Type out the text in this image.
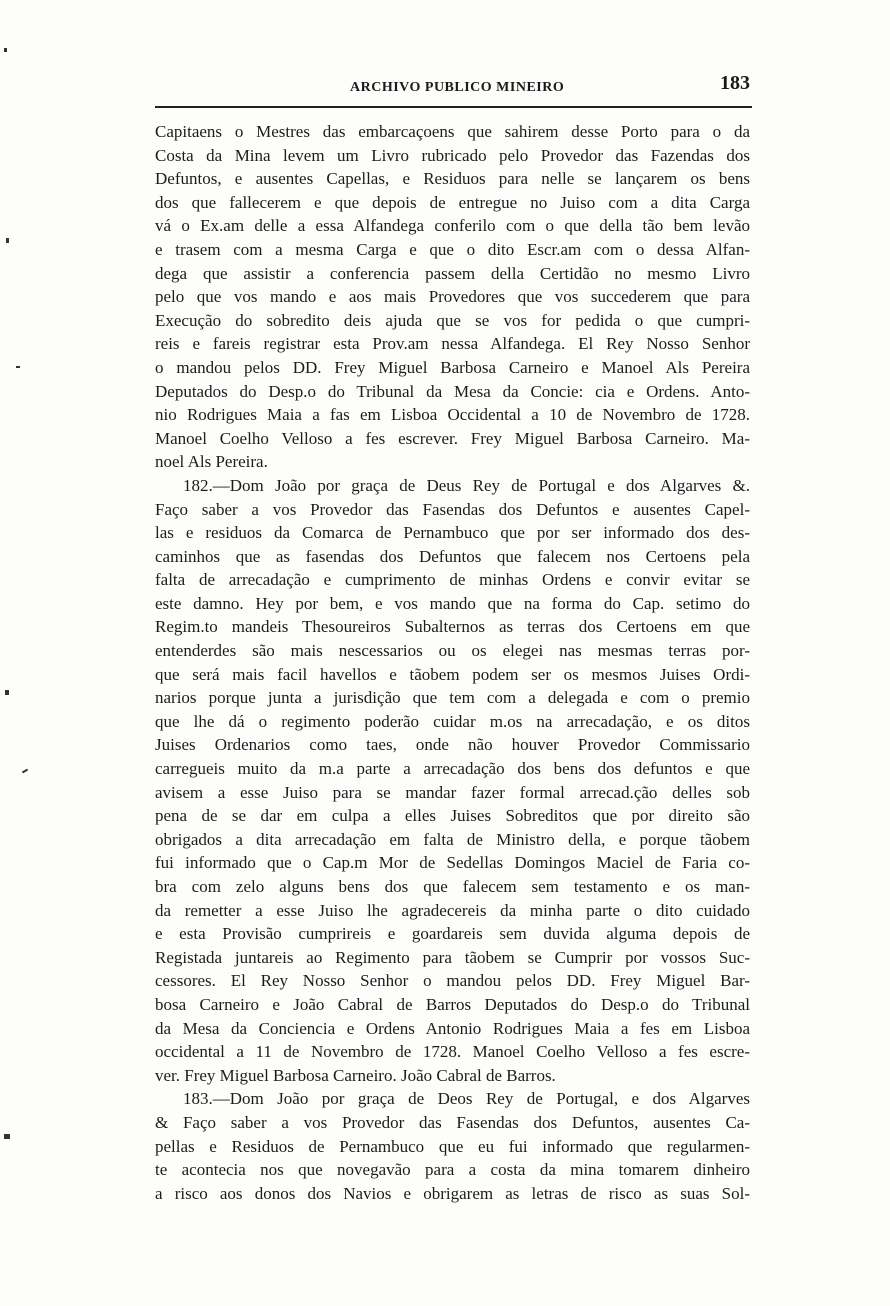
ARCHIVO PUBLICO MINEIRO	183
Capitaens o Mestres das embarcaçoens que sahirem desse Porto para o da
Costa da Mina levem um Livro rubricado pelo Provedor das Fazendas dos
Defuntos, e ausentes Capellas, e Residuos para nelle se lançarem os bens
dos que fallecerem e que depois de entregue no Juiso com a dita Carga
vá o Ex.am delle a essa Alfandega conferilo com o que della tão bem levão
e trasem com a mesma Carga e que o dito Escr.am com o dessa Alfan-
dega que assistir a conferencia passem della Certidão no mesmo Livro
pelo que vos mando e aos mais Provedores que vos succederem que para
Execução do sobredito deis ajuda que se vos for pedida o que cumpri-
reis e fareis registrar esta Prov.am nessa Alfandega. El Rey Nosso Senhor
o mandou pelos DD. Frey Miguel Barbosa Carneiro e Manoel Als Pereira
Deputados do Desp.o do Tribunal da Mesa da Concie: cia e Ordens. Anto-
nio Rodrigues Maia a fas em Lisboa Occidental a 10 de Novembro de 1728.
Manoel Coelho Velloso a fes escrever. Frey Miguel Barbosa Carneiro. Ma-
noel Als Pereira.
182.—Dom João por graça de Deus Rey de Portugal e dos Algarves &.
Faço saber a vos Provedor das Fasendas dos Defuntos e ausentes Capel-
las e residuos da Comarca de Pernambuco que por ser informado dos des-
caminhos que as fasendas dos Defuntos que falecem nos Certoens pela
falta de arrecadação e cumprimento de minhas Ordens e convir evitar se
este damno. Hey por bem, e vos mando que na forma do Cap. setimo do
Regim.to mandeis Thesoureiros Subalternos as terras dos Certoens em que
entenderdes são mais nescessarios ou os elegei nas mesmas terras por-
que será mais facil havellos e tãobem podem ser os mesmos Juises Ordi-
narios porque junta a jurisdição que tem com a delegada e com o premio
que lhe dá o regimento poderão cuidar m.os na arrecadação, e os ditos
Juises Ordenarios como taes, onde não houver Provedor Commissario
carregueis muito da m.a parte a arrecadação dos bens dos defuntos e que
avisem a esse Juiso para se mandar fazer formal arrecad.ção delles sob
pena de se dar em culpa a elles Juises Sobreditos que por direito são
obrigados a dita arrecadação em falta de Ministro della, e porque tãobem
fui informado que o Cap.m Mor de Sedellas Domingos Maciel de Faria co-
bra com zelo alguns bens dos que falecem sem testamento e os man-
da remetter a esse Juiso lhe agradecereis da minha parte o dito cuidado
e esta Provisão cumprireis e goardareis sem duvida alguma depois de
Registada juntareis ao Regimento para tãobem se Cumprir por vossos Suc-
cessores. El Rey Nosso Senhor o mandou pelos DD. Frey Miguel Bar-
bosa Carneiro e João Cabral de Barros Deputados do Desp.o do Tribunal
da Mesa da Conciencia e Ordens Antonio Rodrigues Maia a fes em Lisboa
occidental a 11 de Novembro de 1728. Manoel Coelho Velloso a fes escre-
ver. Frey Miguel Barbosa Carneiro. João Cabral de Barros.
183.—Dom João por graça de Deos Rey de Portugal, e dos Algarves
& Faço saber a vos Provedor das Fasendas dos Defuntos, ausentes Ca-
pellas e Residuos de Pernambuco que eu fui informado que regularmen-
te acontecia nos que novegavão para a costa da mina tomarem dinheiro
a risco aos donos dos Navios e obrigarem as letras de risco as suas Sol-
